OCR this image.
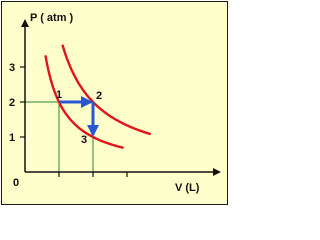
P ( atm )
V (L)
0
1
2
3
1	2
3
